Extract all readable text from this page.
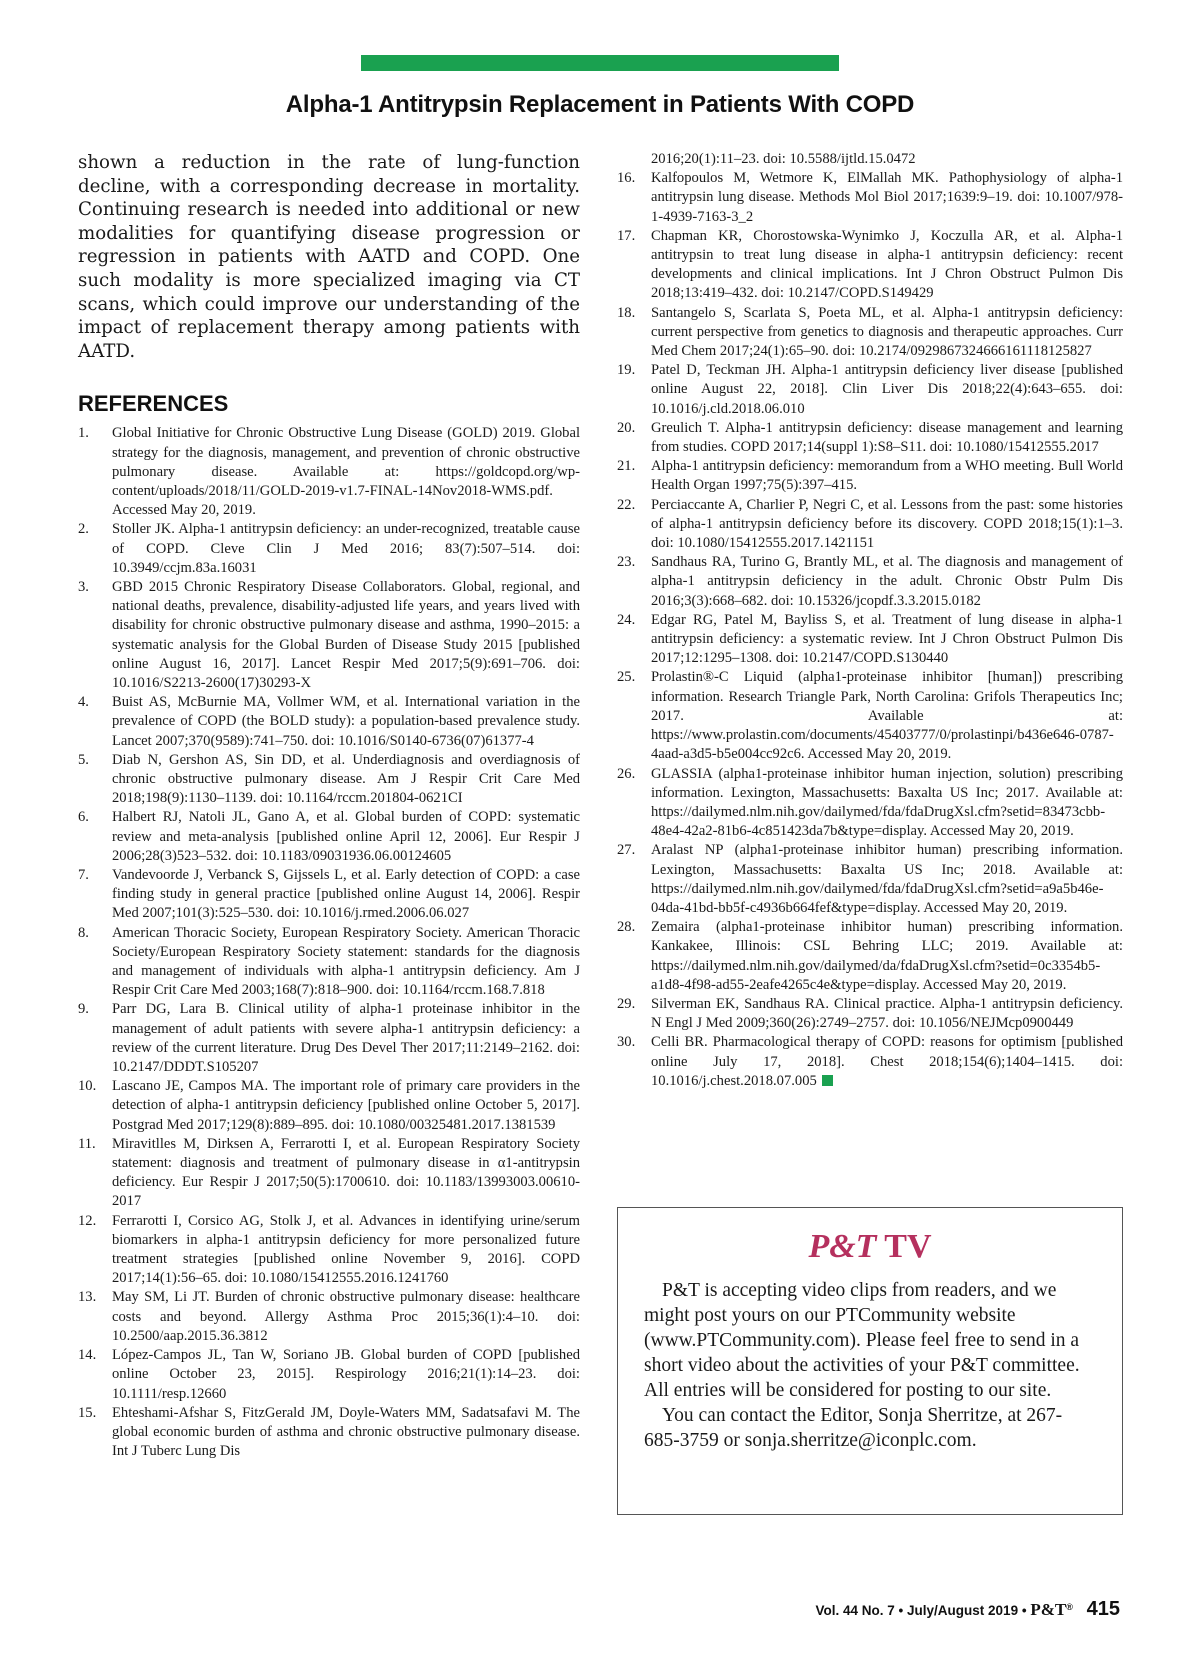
Alpha-1 Antitrypsin Replacement in Patients With COPD

shown a reduction in the rate of lung-function decline, with a corresponding decrease in mortality. Continuing research is needed into additional or new modalities for quantifying disease progression or regression in patients with AATD and COPD. One such modality is more specialized imaging via CT scans, which could improve our understanding of the impact of replacement therapy among patients with AATD.

REFERENCES
1.	Global Initiative for Chronic Obstructive Lung Disease (GOLD) 2019. Global strategy for the diagnosis, management, and prevention of chronic obstructive pulmonary disease. Available at: https://goldcopd.org/wp-content/uploads/2018/11/GOLD-2019-v1.7-FINAL-14Nov2018-WMS.pdf. Accessed May 20, 2019.
2.	Stoller JK. Alpha-1 antitrypsin deficiency: an under-recognized, treatable cause of COPD. Cleve Clin J Med 2016; 83(7):507–514. doi: 10.3949/ccjm.83a.16031
3.	GBD 2015 Chronic Respiratory Disease Collaborators. Global, regional, and national deaths, prevalence, disability-adjusted life years, and years lived with disability for chronic obstructive pulmonary disease and asthma, 1990–2015: a systematic analysis for the Global Burden of Disease Study 2015 [published online August 16, 2017]. Lancet Respir Med 2017;5(9):691–706. doi: 10.1016/S2213-2600(17)30293-X
4.	Buist AS, McBurnie MA, Vollmer WM, et al. International variation in the prevalence of COPD (the BOLD study): a population-based prevalence study. Lancet 2007;370(9589):741–750. doi: 10.1016/S0140-6736(07)61377-4
5.	Diab N, Gershon AS, Sin DD, et al. Underdiagnosis and overdiagnosis of chronic obstructive pulmonary disease. Am J Respir Crit Care Med 2018;198(9):1130–1139. doi: 10.1164/rccm.201804-0621CI
6.	Halbert RJ, Natoli JL, Gano A, et al. Global burden of COPD: systematic review and meta-analysis [published online April 12, 2006]. Eur Respir J 2006;28(3)523–532. doi: 10.1183/09031936.06.00124605
7.	Vandevoorde J, Verbanck S, Gijssels L, et al. Early detection of COPD: a case finding study in general practice [published online August 14, 2006]. Respir Med 2007;101(3):525–530. doi: 10.1016/j.rmed.2006.06.027
8.	American Thoracic Society, European Respiratory Society. American Thoracic Society/European Respiratory Society statement: standards for the diagnosis and management of individuals with alpha-1 antitrypsin deficiency. Am J Respir Crit Care Med 2003;168(7):818–900. doi: 10.1164/rccm.168.7.818
9.	Parr DG, Lara B. Clinical utility of alpha-1 proteinase inhibitor in the management of adult patients with severe alpha-1 antitrypsin deficiency: a review of the current literature. Drug Des Devel Ther 2017;11:2149–2162. doi: 10.2147/DDDT.S105207
10. Lascano JE, Campos MA. The important role of primary care providers in the detection of alpha-1 antitrypsin deficiency [published online October 5, 2017]. Postgrad Med 2017;129(8):889–895. doi: 10.1080/00325481.2017.1381539
11. Miravitlles M, Dirksen A, Ferrarotti I, et al. European Respiratory Society statement: diagnosis and treatment of pulmonary disease in α1-antitrypsin deficiency. Eur Respir J 2017;50(5):1700610. doi: 10.1183/13993003.00610-2017
12. Ferrarotti I, Corsico AG, Stolk J, et al. Advances in identifying urine/serum biomarkers in alpha-1 antitrypsin deficiency for more personalized future treatment strategies [published online November 9, 2016]. COPD 2017;14(1):56–65. doi: 10.1080/15412555.2016.1241760
13. May SM, Li JT. Burden of chronic obstructive pulmonary disease: healthcare costs and beyond. Allergy Asthma Proc 2015;36(1):4–10. doi: 10.2500/aap.2015.36.3812
14. López-Campos JL, Tan W, Soriano JB. Global burden of COPD [published online October 23, 2015]. Respirology 2016;21(1):14–23. doi: 10.1111/resp.12660
15. Ehteshami-Afshar S, FitzGerald JM, Doyle-Waters MM, Sadatsafavi M. The global economic burden of asthma and chronic obstructive pulmonary disease. Int J Tuberc Lung Dis
2016;20(1):11–23. doi: 10.5588/ijtld.15.0472
16. Kalfopoulos M, Wetmore K, ElMallah MK. Pathophysiology of alpha-1 antitrypsin lung disease. Methods Mol Biol 2017;1639:9–19. doi: 10.1007/978-1-4939-7163-3_2
17. Chapman KR, Chorostowska-Wynimko J, Koczulla AR, et al. Alpha-1 antitrypsin to treat lung disease in alpha-1 antitrypsin deficiency: recent developments and clinical implications. Int J Chron Obstruct Pulmon Dis 2018;13:419–432. doi: 10.2147/COPD.S149429
18. Santangelo S, Scarlata S, Poeta ML, et al. Alpha-1 antitrypsin deficiency: current perspective from genetics to diagnosis and therapeutic approaches. Curr Med Chem 2017;24(1):65–90. doi: 10.2174/0929867324666161118125827
19. Patel D, Teckman JH. Alpha-1 antitrypsin deficiency liver disease [published online August 22, 2018]. Clin Liver Dis 2018;22(4):643–655. doi: 10.1016/j.cld.2018.06.010
20. Greulich T. Alpha-1 antitrypsin deficiency: disease management and learning from studies. COPD 2017;14(suppl 1):S8–S11. doi: 10.1080/15412555.2017
21. Alpha-1 antitrypsin deficiency: memorandum from a WHO meeting. Bull World Health Organ 1997;75(5):397–415.
22. Perciaccante A, Charlier P, Negri C, et al. Lessons from the past: some histories of alpha-1 antitrypsin deficiency before its discovery. COPD 2018;15(1):1–3. doi: 10.1080/15412555.2017.1421151
23. Sandhaus RA, Turino G, Brantly ML, et al. The diagnosis and management of alpha-1 antitrypsin deficiency in the adult. Chronic Obstr Pulm Dis 2016;3(3):668–682. doi: 10.15326/jcopdf.3.3.2015.0182
24. Edgar RG, Patel M, Bayliss S, et al. Treatment of lung disease in alpha-1 antitrypsin deficiency: a systematic review. Int J Chron Obstruct Pulmon Dis 2017;12:1295–1308. doi: 10.2147/COPD.S130440
25. Prolastin®-C Liquid (alpha1-proteinase inhibitor [human]) prescribing information. Research Triangle Park, North Carolina: Grifols Therapeutics Inc; 2017. Available at: https://www.prolastin.com/documents/45403777/0/prolastinpi/b436e646-0787-4aad-a3d5-b5e004cc92c6. Accessed May 20, 2019.
26. GLASSIA (alpha1-proteinase inhibitor human injection, solution) prescribing information. Lexington, Massachusetts: Baxalta US Inc; 2017. Available at: https://dailymed.nlm.nih.gov/dailymed/fda/fdaDrugXsl.cfm?setid=83473cbb-48e4-42a2-81b6-4c851423da7b&type=display. Accessed May 20, 2019.
27. Aralast NP (alpha1-proteinase inhibitor human) prescribing information. Lexington, Massachusetts: Baxalta US Inc; 2018. Available at: https://dailymed.nlm.nih.gov/dailymed/fda/fdaDrugXsl.cfm?setid=a9a5b46e-04da-41bd-bb5f-c4936b664fef&type=display. Accessed May 20, 2019.
28. Zemaira (alpha1-proteinase inhibitor human) prescribing information. Kankakee, Illinois: CSL Behring LLC; 2019. Available at: https://dailymed.nlm.nih.gov/dailymed/da/fdaDrugXsl.cfm?setid=0c3354b5-a1d8-4f98-ad55-2eafe4265c4e&type=display. Accessed May 20, 2019.
29. Silverman EK, Sandhaus RA. Clinical practice. Alpha-1 antitrypsin deficiency. N Engl J Med 2009;360(26):2749–2757. doi: 10.1056/NEJMcp0900449
30. Celli BR. Pharmacological therapy of COPD: reasons for optimism [published online July 17, 2018]. Chest 2018;154(6);1404–1415. doi: 10.1016/j.chest.2018.07.005
P&T TV

P&T is accepting video clips from readers, and we might post yours on our PTCommunity website (www.PTCommunity.com). Please feel free to send in a short video about the activities of your P&T committee. All entries will be considered for posting to our site.

You can contact the Editor, Sonja Sherritze, at 267-685-3759 or sonja.sherritze@iconplc.com.

Vol. 44 No. 7 • July/August 2019 • P&T® 415
